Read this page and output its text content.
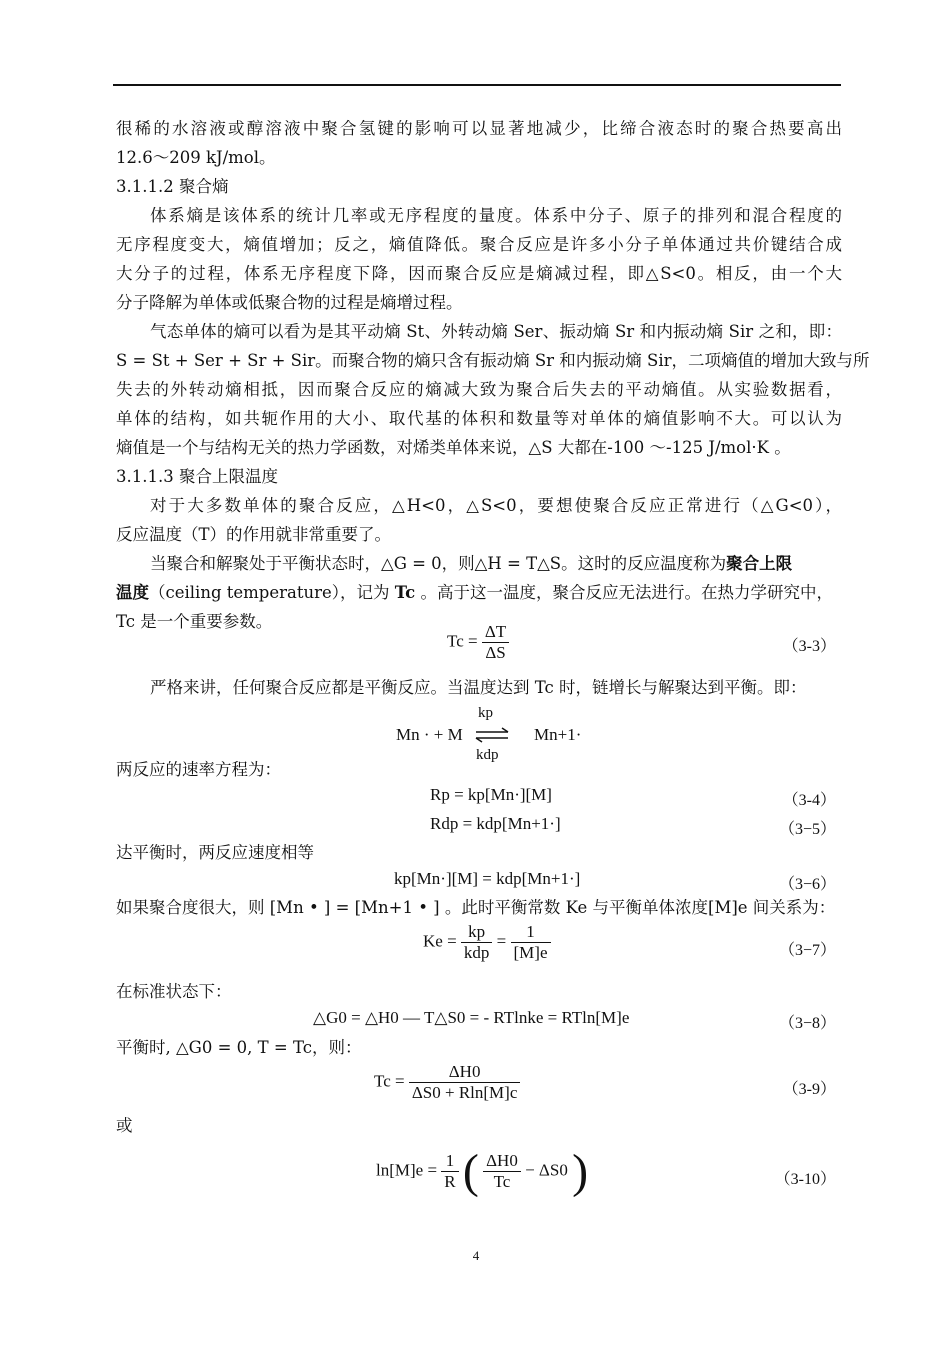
很稀的水溶液或醇溶液中聚合氢键的影响可以显著地减少，比缔合液态时的聚合热要高出
12.6～209 kJ/mol。
3.1.1.2 聚合熵
体系熵是该体系的统计几率或无序程度的量度。体系中分子、原子的排列和混合程度的
无序程度变大，熵值增加；反之，熵值降低。聚合反应是许多小分子单体通过共价键结合成
大分子的过程，体系无序程度下降，因而聚合反应是熵减过程，即△S<0。相反，由一个大
分子降解为单体或低聚合物的过程是熵增过程。
气态单体的熵可以看为是其平动熵 St、外转动熵 Ser、振动熵 Sr 和内振动熵 Sir 之和，即：
S = St + Ser + Sr + Sir。而聚合物的熵只含有振动熵 Sr 和内振动熵 Sir，二项熵值的增加大致与所
失去的外转动熵相抵，因而聚合反应的熵减大致为聚合后失去的平动熵值。从实验数据看，
单体的结构，如共轭作用的大小、取代基的体积和数量等对单体的熵值影响不大。可以认为
熵值是一个与结构无关的热力学函数，对烯类单体来说，△S 大都在-100 ～-125 J/mol·K 。
3.1.1.3 聚合上限温度
对于大多数单体的聚合反应，△H<0，△S<0，要想使聚合反应正常进行（△G<0），
反应温度（T）的作用就非常重要了。
当聚合和解聚处于平衡状态时，△G = 0，则△H = T△S。这时的反应温度称为聚合上限
温度（ceiling temperature），记为 Tc 。高于这一温度，聚合反应无法进行。在热力学研究中，
Tc 是一个重要参数。
$Tc = \frac{\Delta T}{\Delta S}$	（3-3）
严格来讲，任何聚合反应都是平衡反应。当温度达到 Tc 时，链增长与解聚达到平衡。即：
Mn · + M
kp
kdp
Mn+1·
两反应的速率方程为：
Rp = kp[Mn·][M]	（3-4）
Rdp = kdp[Mn+1·]	（3−5）
达平衡时，两反应速度相等
kp[Mn·][M] = kdp[Mn+1·]	（3−6）
如果聚合度很大，则 [Mn • ] = [Mn+1 • ] 。此时平衡常数 Ke 与平衡单体浓度[M]e 间关系为：
$Ke = \frac{kp}{\text{kdp}} = \frac{1}{[M]e}$	（3−7）
在标准状态下：
△G0 = △H0 — T△S0 = - RTlnke = RTln[M]e	（3−8）
平衡时, △G0 = 0, T = Tc，则：
$Tc = \frac{\Delta H0}{\Delta S0 + Rln[M]c}$	（3-9）
或
$\ln[M]e = \frac{1}{R}$ ( $\frac{\Delta H0}{Tc} - \Delta S0$ )	（3-10）
4
